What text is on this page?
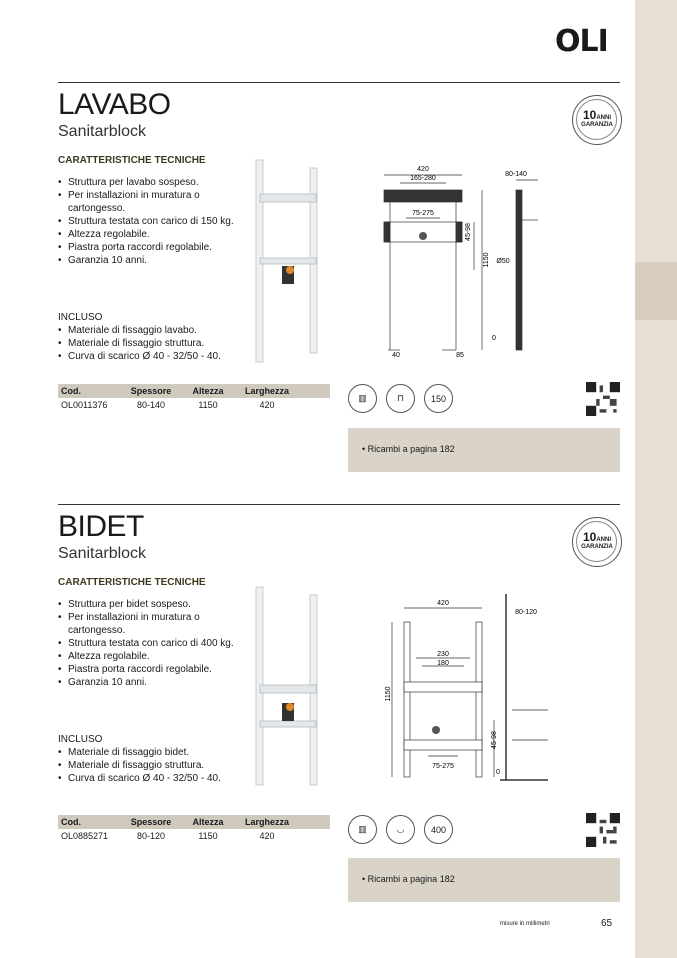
OLI
LAVABO
Sanitarblock
10ANNI
GARANZIA
CARATTERISTICHE TECNICHE
• Struttura per lavabo sospeso.
• Per installazioni in muratura o cartongesso.
• Struttura testata con carico di 150 kg.
• Altezza regolabile.
• Piastra porta raccordi regolabile.
• Garanzia 10 anni.
INCLUSO
• Materiale di fissaggio lavabo.
• Materiale di fissaggio struttura.
• Curva di scarico Ø 40 - 32/50 - 40.
420
165-280
75-275
1150
45-98
80-140
Ø50
40	85
0
Cod.	Spessore	Altezza	Larghezza
OL0011376	80-140	1150	420
▥	⊓	150
• Ricambi a pagina 182
BIDET
Sanitarblock
10ANNI
GARANZIA
CARATTERISTICHE TECNICHE
• Struttura per bidet sospeso.
• Per installazioni in muratura o cartongesso.
• Struttura testata con carico di 400 kg.
• Altezza regolabile.
• Piastra porta raccordi regolabile.
• Garanzia 10 anni.
INCLUSO
• Materiale di fissaggio bidet.
• Materiale di fissaggio struttura.
• Curva di scarico Ø 40 - 32/50 - 40.
420
230
180
75-275
1150
45-98
80-120
0
Cod.	Spessore	Altezza	Larghezza
OL0885271	80-120	1150	420
▥	◡	400
• Ricambi a pagina 182
misure in millimetri	65
